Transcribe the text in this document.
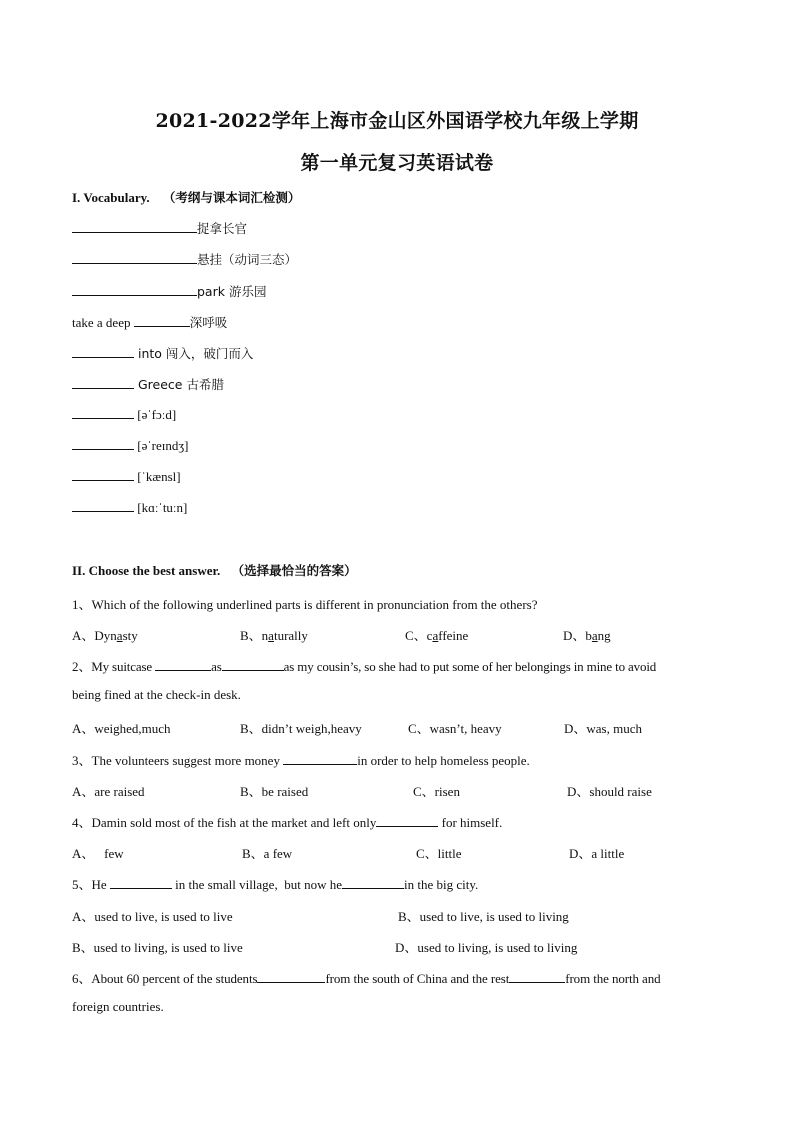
2021-2022学年上海市金山区外国语学校九年级上学期
第一单元复习英语试卷
I. Vocabulary. （考纲与课本词汇检测）
捉拿长官
悬挂（动词三态）
park 游乐园
take a deep	深呼吸
into 闯入，破门而入
Greece 古希腊
[əˈfɔːd]
[əˈreɪndʒ]
[ˈkænsl]
[kɑːˈtuːn]
II. Choose the best answer. （选择最恰当的答案）
1、Which of the following underlined parts is different in pronunciation from the others?
A、Dynasty	B、naturally	C、caffeine	D、bang
2、My suitcase	as	as my cousin’s, so she had to put some of her belongings in mine to avoid
being fined at the check-in desk.
A、weighed,much	B、didn’t weigh,heavy	C、wasn’t, heavy	D、was, much
3、The volunteers suggest more money	in order to help homeless people.
A、are raised	B、be raised	C、risen	D、should raise
4、Damin sold most of the fish at the market and left only	for himself.
A、   few	B、a few	C、little	D、a little
5、He	in the small village,  but now he	in the big city.
A、used to live, is used to live	B、used to live, is used to living
B、used to living, is used to live	D、used to living, is used to living
6、About 60 percent of the students	from the south of China and the rest	from the north and
foreign countries.
